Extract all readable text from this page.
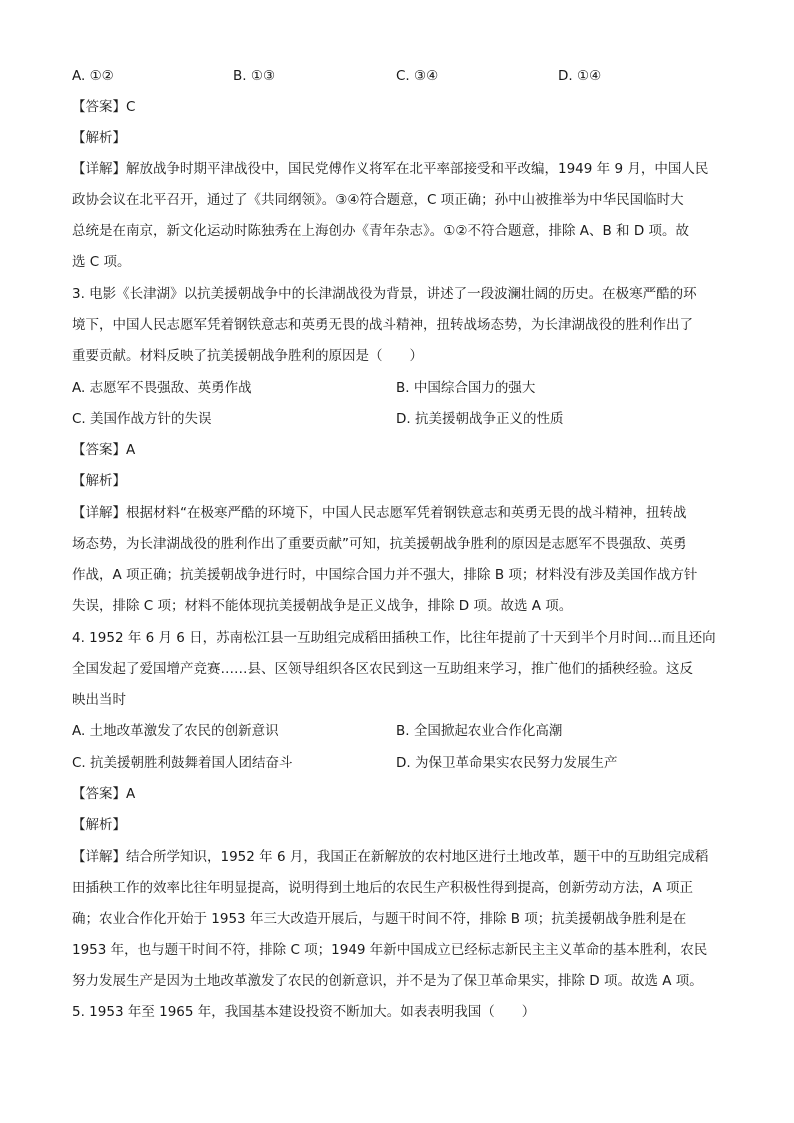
A. ①②	B. ①③	C. ③④	D. ①④
【答案】C
【解析】
【详解】解放战争时期平津战役中，国民党傅作义将军在北平率部接受和平改编，1949 年 9 月，中国人民
政协会议在北平召开，通过了《共同纲领》。③④符合题意，C 项正确；孙中山被推举为中华民国临时大
总统是在南京，新文化运动时陈独秀在上海创办《青年杂志》。①②不符合题意，排除 A、B 和 D 项。故
选 C 项。
3. 电影《长津湖》以抗美援朝战争中的长津湖战役为背景，讲述了一段波澜壮阔的历史。在极寒严酷的环
境下，中国人民志愿军凭着钢铁意志和英勇无畏的战斗精神，扭转战场态势，为长津湖战役的胜利作出了
重要贡献。材料反映了抗美援朝战争胜利的原因是（　　）
A. 志愿军不畏强敌、英勇作战	B. 中国综合国力的强大
C. 美国作战方针的失误	D. 抗美援朝战争正义的性质
【答案】A
【解析】
【详解】根据材料“在极寒严酷的环境下，中国人民志愿军凭着钢铁意志和英勇无畏的战斗精神，扭转战
场态势，为长津湖战役的胜利作出了重要贡献”可知，抗美援朝战争胜利的原因是志愿军不畏强敌、英勇
作战，A 项正确；抗美援朝战争进行时，中国综合国力并不强大，排除 B 项；材料没有涉及美国作战方针
失误，排除 C 项；材料不能体现抗美援朝战争是正义战争，排除 D 项。故选 A 项。
4. 1952 年 6 月 6 日，苏南松江县一互助组完成稻田插秧工作，比往年提前了十天到半个月时间…而且还向
全国发起了爱国增产竞赛……县、区领导组织各区农民到这一互助组来学习，推广他们的插秧经验。这反
映出当时
A. 土地改革激发了农民的创新意识	B. 全国掀起农业合作化高潮
C. 抗美援朝胜利鼓舞着国人团结奋斗	D. 为保卫革命果实农民努力发展生产
【答案】A
【解析】
【详解】结合所学知识，1952 年 6 月，我国正在新解放的农村地区进行土地改革，题干中的互助组完成稻
田插秧工作的效率比往年明显提高，说明得到土地后的农民生产积极性得到提高，创新劳动方法，A 项正
确；农业合作化开始于 1953 年三大改造开展后，与题干时间不符，排除 B 项；抗美援朝战争胜利是在
1953 年，也与题干时间不符，排除 C 项；1949 年新中国成立已经标志新民主主义革命的基本胜利，农民
努力发展生产是因为土地改革激发了农民的创新意识，并不是为了保卫革命果实，排除 D 项。故选 A 项。
5. 1953 年至 1965 年，我国基本建设投资不断加大。如表表明我国（　　）
